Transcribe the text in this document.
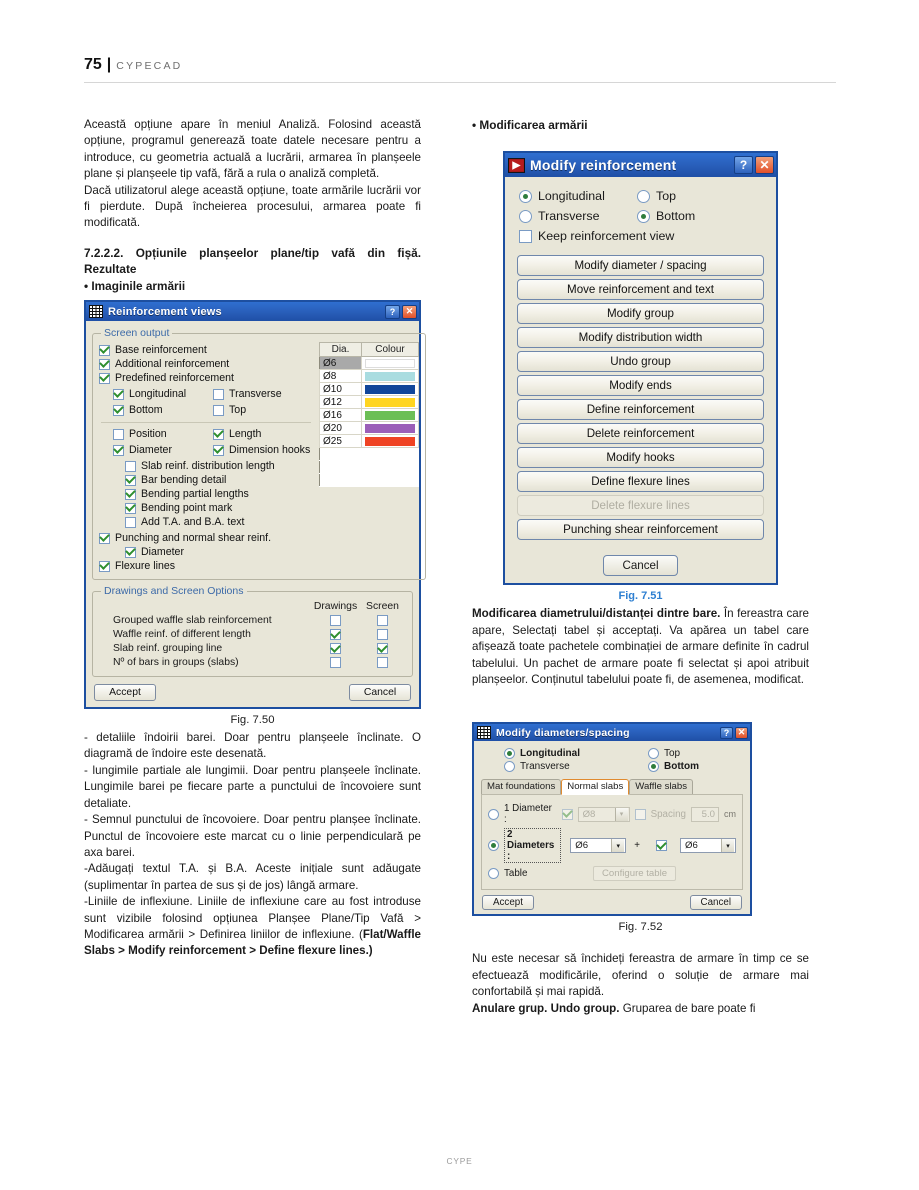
75 | CYPECAD

Această opțiune apare în meniul Analiză. Folosind această opțiune, programul generează toate datele necesare pentru a introduce, cu geometria actuală a lucrării, armarea în planșeele plane și planșeele tip vafă, fără a rula o analiză completă.

Dacă utilizatorul alege această opțiune, toate armările lucrării vor fi pierdute. După încheierea procesului, armarea poate fi modificată.

7.2.2.2. Opțiunile planșeelor plane/tip vafă din fișă. Rezultate

• Imaginile armării

Reinforcement views	?	✕
Screen output
Base reinforcement
Additional reinforcement
Predefined reinforcement
Longitudinal	Transverse
Bottom	Top
Position	Length
Diameter	Dimension hooks
Slab reinf. distribution length
Bar bending detail
Bending partial lengths
Bending point mark
Add T.A. and B.A. text
Dia.	Colour
Ø6	

Ø8	

Ø10	

Ø12	

Ø16	

Ø20	

Ø25	

Punching and normal shear reinf.
Diameter
Flexure lines
Drawings and Screen Options
Drawings Screen
Grouped waffle slab reinforcement
Waffle reinf. of different length
Slab reinf. grouping line
Nº of bars in groups (slabs)
Accept	Cancel
Fig. 7.50

- detaliile îndoirii barei. Doar pentru planșeele înclinate. O diagramă de îndoire este desenată.

- lungimile partiale ale lungimii. Doar pentru planșeele înclinate. Lungimile barei pe fiecare parte a punctului de încovoiere sunt detaliate.

- Semnul punctului de încovoiere. Doar pentru planșee înclinate. Punctul de încovoiere este marcat cu o linie perpendiculară pe axa barei.

-Adăugați textul T.A. și B.A. Aceste inițiale sunt adăugate (suplimentar în partea de sus și de jos) lângă armare.

-Liniile de inflexiune. Liniile de inflexiune care au fost introduse sunt vizibile folosind opțiunea Planșee Plane/Tip Vafă > Modificarea armării > Definirea liniilor de inflexiune. (Flat/Waffle Slabs > Modify reinforcement > Define flexure lines.)

• Modificarea armării

Modify reinforcement	?	✕
Longitudinal	Top
Transverse	Bottom
Keep reinforcement view
Modify diameter / spacing
Move reinforcement and text
Modify group
Modify distribution width
Undo group
Modify ends
Define reinforcement
Delete reinforcement
Modify hooks
Define flexure lines
Delete flexure lines
Punching shear reinforcement
Cancel
Fig. 7.51

Modificarea diametrului/distanței dintre bare. În fereastra care apare, Selectați tabel și acceptați. Va apărea un tabel care afișează toate pachetele combinației de armare definite în cadrul tabelului. Un pachet de armare poate fi selectat și apoi atribuit planșeelor. Conținutul tabelului poate fi, de asemenea, modificat.

Modify diameters/spacing	? ✕
Longitudinal
Transverse
Top
Bottom
Mat foundations	Normal slabs	Waffle slabs
1 Diameter :	Ø8	▾	Spacing	5.0	cm
2 Diameters :
Ø6	▾	+	Ø6	▾
Table	Configure table
Accept	Cancel
Fig. 7.52

Nu este necesar să închideți fereastra de armare în timp ce se efectuează modificările, oferind o soluție de armare mai confortabilă și mai rapidă.

Anulare grup. Undo group. Gruparea de bare poate fi

CYPE
